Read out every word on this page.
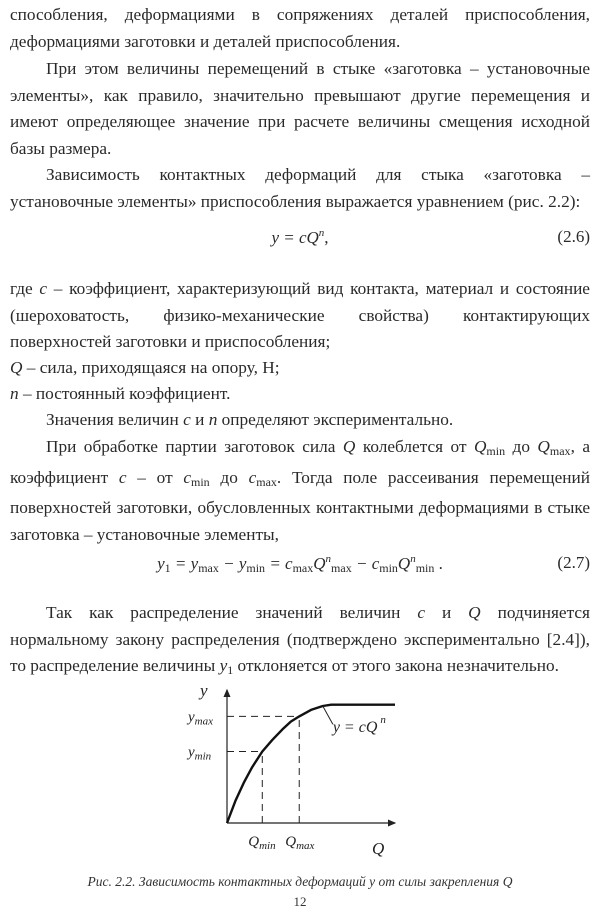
способления, деформациями в сопряжениях деталей приспособления, деформациями заготовки и деталей приспособления.

При этом величины перемещений в стыке «заготовка – установочные элементы», как правило, значительно превышают другие перемещения и имеют определяющее значение при расчете величины смещения исходной базы размера.

Зависимость контактных деформаций для стыка «заготовка – установочные элементы» приспособления выражается уравнением (рис. 2.2):

$y = cQ^n$,	(2.6)

где c – коэффициент, характеризующий вид контакта, материал и состояние (шероховатость, физико-механические свойства) контактирующих поверхностей заготовки и приспособления;

Q – сила, приходящаяся на опору, Н;

n – постоянный коэффициент.

Значения величин c и n определяют экспериментально.

При обработке партии заготовок сила Q колеблется от $Q_{min}$ до $Q_{max}$, а коэффициент c – от $c_{min}$ до $c_{max}$. Тогда поле рассеивания перемещений поверхностей заготовки, обусловленных контактными деформациями в стыке заготовка – установочные элементы,

$y_1 = y_{max} - y_{min} = c_{max}Q^n_{max} - c_{min}Q^n_{min}$ .	(2.7)

Так как распределение значений величин c и Q подчиняется нормальному закону распределения (подтверждено экспериментально [2.4]), то распределение величины $y_1$ отклоняется от этого закона незначительно.

y
Q
$y_{max}$
$y_{min}$
$Q_{min}$ $Q_{max}$
y = cQ $^n$
Рис. 2.2. Зависимость контактных деформаций y от силы закрепления Q
12
